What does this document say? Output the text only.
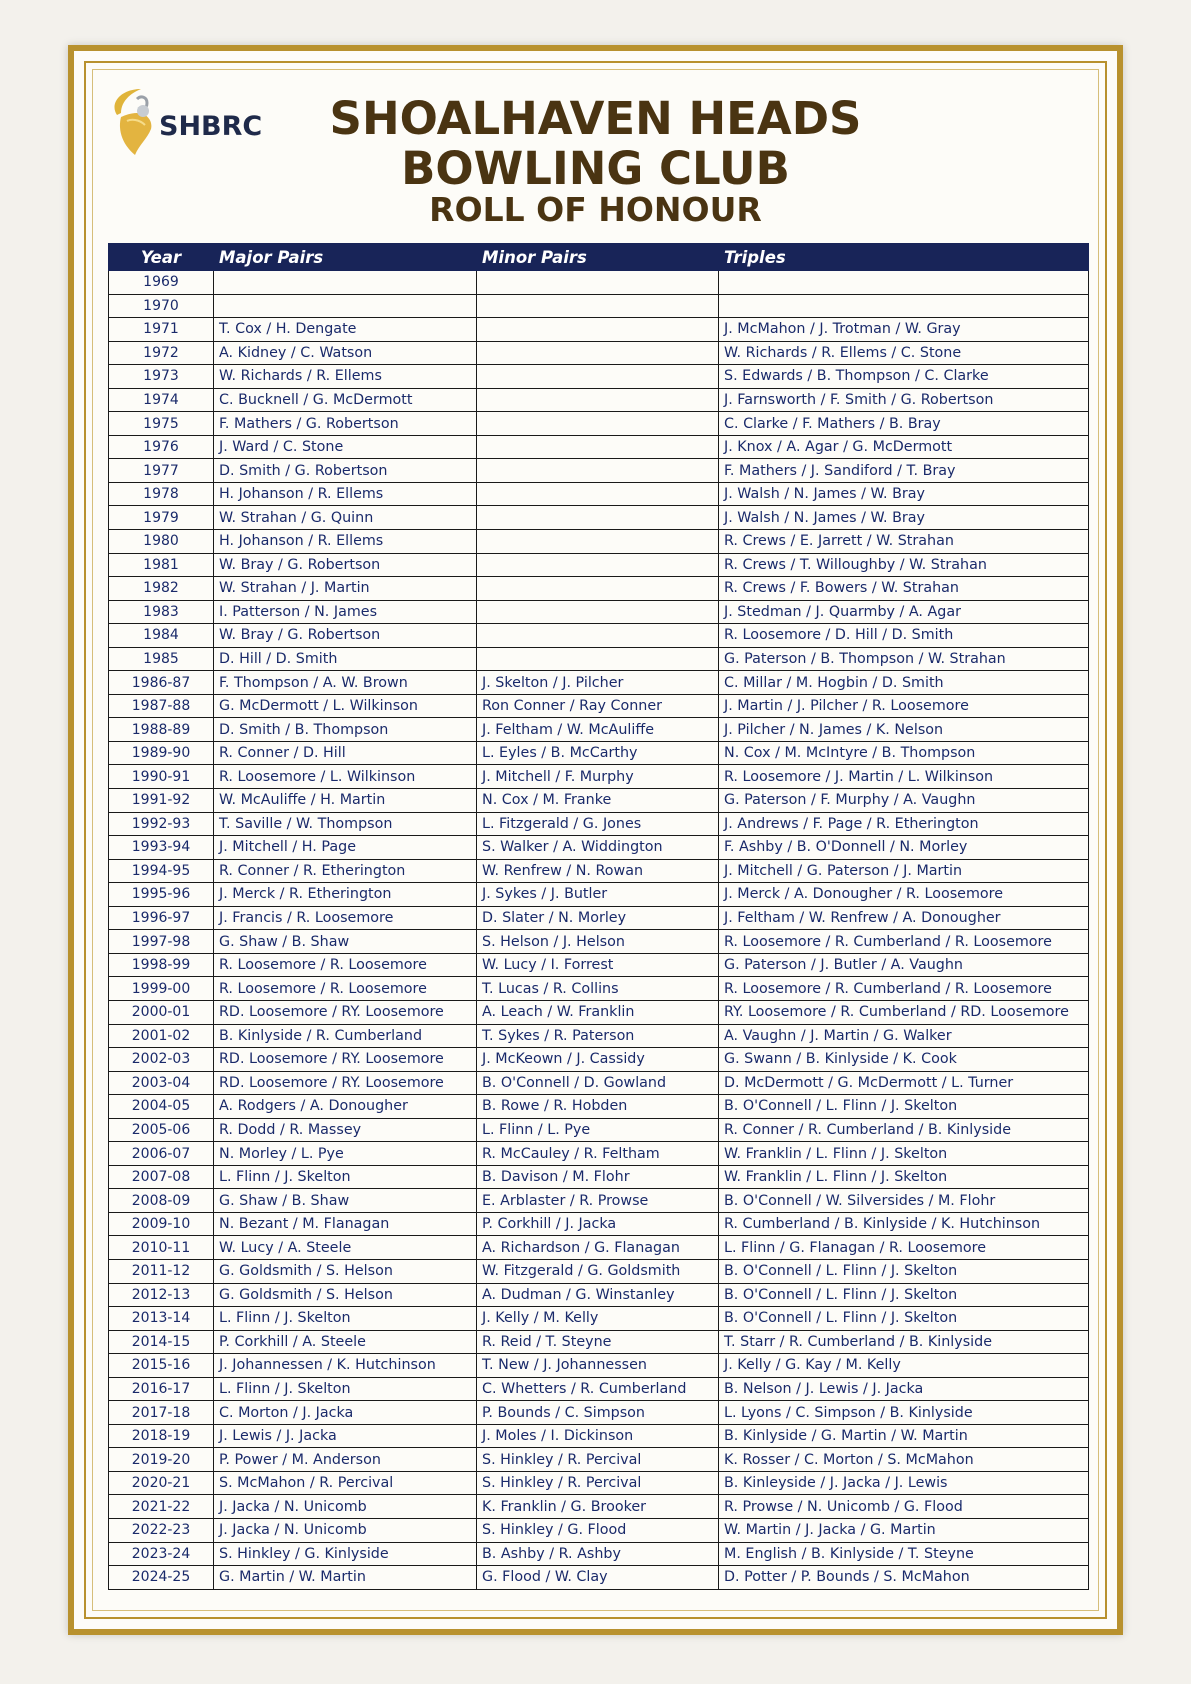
SHBRC	SHOALHAVEN HEADS
BOWLING CLUB
ROLL OF HONOUR
Year	Major Pairs	Minor Pairs	Triples
1969			
1970			
1971	T. Cox / H. Dengate		J. McMahon / J. Trotman / W. Gray
1972	A. Kidney / C. Watson		W. Richards / R. Ellems / C. Stone
1973	W. Richards / R. Ellems		S. Edwards / B. Thompson / C. Clarke
1974	C. Bucknell / G. McDermott		J. Farnsworth / F. Smith / G. Robertson
1975	F. Mathers / G. Robertson		C. Clarke / F. Mathers / B. Bray
1976	J. Ward / C. Stone		J. Knox / A. Agar / G. McDermott
1977	D. Smith / G. Robertson		F. Mathers / J. Sandiford / T. Bray
1978	H. Johanson / R. Ellems		J. Walsh / N. James / W. Bray
1979	W. Strahan / G. Quinn		J. Walsh / N. James / W. Bray
1980	H. Johanson / R. Ellems		R. Crews / E. Jarrett / W. Strahan
1981	W. Bray / G. Robertson		R. Crews / T. Willoughby / W. Strahan
1982	W. Strahan / J. Martin		R. Crews / F. Bowers / W. Strahan
1983	I. Patterson / N. James		J. Stedman / J. Quarmby / A. Agar
1984	W. Bray / G. Robertson		R. Loosemore / D. Hill / D. Smith
1985	D. Hill / D. Smith		G. Paterson / B. Thompson / W. Strahan
1986-87	F. Thompson / A. W. Brown	J. Skelton / J. Pilcher	C. Millar / M. Hogbin / D. Smith
1987-88	G. McDermott / L. Wilkinson	Ron Conner / Ray Conner	J. Martin / J. Pilcher / R. Loosemore
1988-89	D. Smith / B. Thompson	J. Feltham / W. McAuliffe	J. Pilcher / N. James / K. Nelson
1989-90	R. Conner / D. Hill	L. Eyles / B. McCarthy	N. Cox / M. McIntyre / B. Thompson
1990-91	R. Loosemore / L. Wilkinson	J. Mitchell / F. Murphy	R. Loosemore / J. Martin / L. Wilkinson
1991-92	W. McAuliffe / H. Martin	N. Cox / M. Franke	G. Paterson / F. Murphy / A. Vaughn
1992-93	T. Saville / W. Thompson	L. Fitzgerald / G. Jones	J. Andrews / F. Page / R. Etherington
1993-94	J. Mitchell / H. Page	S. Walker / A. Widdington	F. Ashby / B. O'Donnell / N. Morley
1994-95	R. Conner / R. Etherington	W. Renfrew / N. Rowan	J. Mitchell / G. Paterson / J. Martin
1995-96	J. Merck / R. Etherington	J. Sykes / J. Butler	J. Merck / A. Donougher / R. Loosemore
1996-97	J. Francis / R. Loosemore	D. Slater / N. Morley	J. Feltham / W. Renfrew / A. Donougher
1997-98	G. Shaw / B. Shaw	S. Helson / J. Helson	R. Loosemore / R. Cumberland / R. Loosemore
1998-99	R. Loosemore / R. Loosemore	W. Lucy / I. Forrest	G. Paterson / J. Butler / A. Vaughn
1999-00	R. Loosemore / R. Loosemore	T. Lucas / R. Collins	R. Loosemore / R. Cumberland / R. Loosemore
2000-01	RD. Loosemore / RY. Loosemore	A. Leach / W. Franklin	RY. Loosemore / R. Cumberland / RD. Loosemore
2001-02	B. Kinlyside / R. Cumberland	T. Sykes / R. Paterson	A. Vaughn / J. Martin / G. Walker
2002-03	RD. Loosemore / RY. Loosemore	J. McKeown / J. Cassidy	G. Swann / B. Kinlyside / K. Cook
2003-04	RD. Loosemore / RY. Loosemore	B. O'Connell / D. Gowland	D. McDermott / G. McDermott / L. Turner
2004-05	A. Rodgers / A. Donougher	B. Rowe / R. Hobden	B. O'Connell / L. Flinn / J. Skelton
2005-06	R. Dodd / R. Massey	L. Flinn / L. Pye	R. Conner / R. Cumberland / B. Kinlyside
2006-07	N. Morley / L. Pye	R. McCauley / R. Feltham	W. Franklin / L. Flinn / J. Skelton
2007-08	L. Flinn / J. Skelton	B. Davison / M. Flohr	W. Franklin / L. Flinn / J. Skelton
2008-09	G. Shaw / B. Shaw	E. Arblaster / R. Prowse	B. O'Connell / W. Silversides / M. Flohr
2009-10	N. Bezant / M. Flanagan	P. Corkhill / J. Jacka	R. Cumberland / B. Kinlyside / K. Hutchinson
2010-11	W. Lucy / A. Steele	A. Richardson / G. Flanagan	L. Flinn / G. Flanagan / R. Loosemore
2011-12	G. Goldsmith / S. Helson	W. Fitzgerald / G. Goldsmith	B. O'Connell / L. Flinn / J. Skelton
2012-13	G. Goldsmith / S. Helson	A. Dudman / G. Winstanley	B. O'Connell / L. Flinn / J. Skelton
2013-14	L. Flinn / J. Skelton	J. Kelly / M. Kelly	B. O'Connell / L. Flinn / J. Skelton
2014-15	P. Corkhill / A. Steele	R. Reid / T. Steyne	T. Starr / R. Cumberland / B. Kinlyside
2015-16	J. Johannessen / K. Hutchinson	T. New / J. Johannessen	J. Kelly / G. Kay / M. Kelly
2016-17	L. Flinn / J. Skelton	C. Whetters / R. Cumberland	B. Nelson / J. Lewis / J. Jacka
2017-18	C. Morton / J. Jacka	P. Bounds / C. Simpson	L. Lyons / C. Simpson / B. Kinlyside
2018-19	J. Lewis / J. Jacka	J. Moles / I. Dickinson	B. Kinlyside / G. Martin / W. Martin
2019-20	P. Power / M. Anderson	S. Hinkley / R. Percival	K. Rosser / C. Morton / S. McMahon
2020-21	S. McMahon / R. Percival	S. Hinkley / R. Percival	B. Kinleyside / J. Jacka / J. Lewis
2021-22	J. Jacka / N. Unicomb	K. Franklin / G. Brooker	R. Prowse / N. Unicomb / G. Flood
2022-23	J. Jacka / N. Unicomb	S. Hinkley / G. Flood	W. Martin / J. Jacka / G. Martin
2023-24	S. Hinkley / G. Kinlyside	B. Ashby / R. Ashby	M. English / B. Kinlyside / T. Steyne
2024-25	G. Martin / W. Martin	G. Flood / W. Clay	D. Potter / P. Bounds / S. McMahon
